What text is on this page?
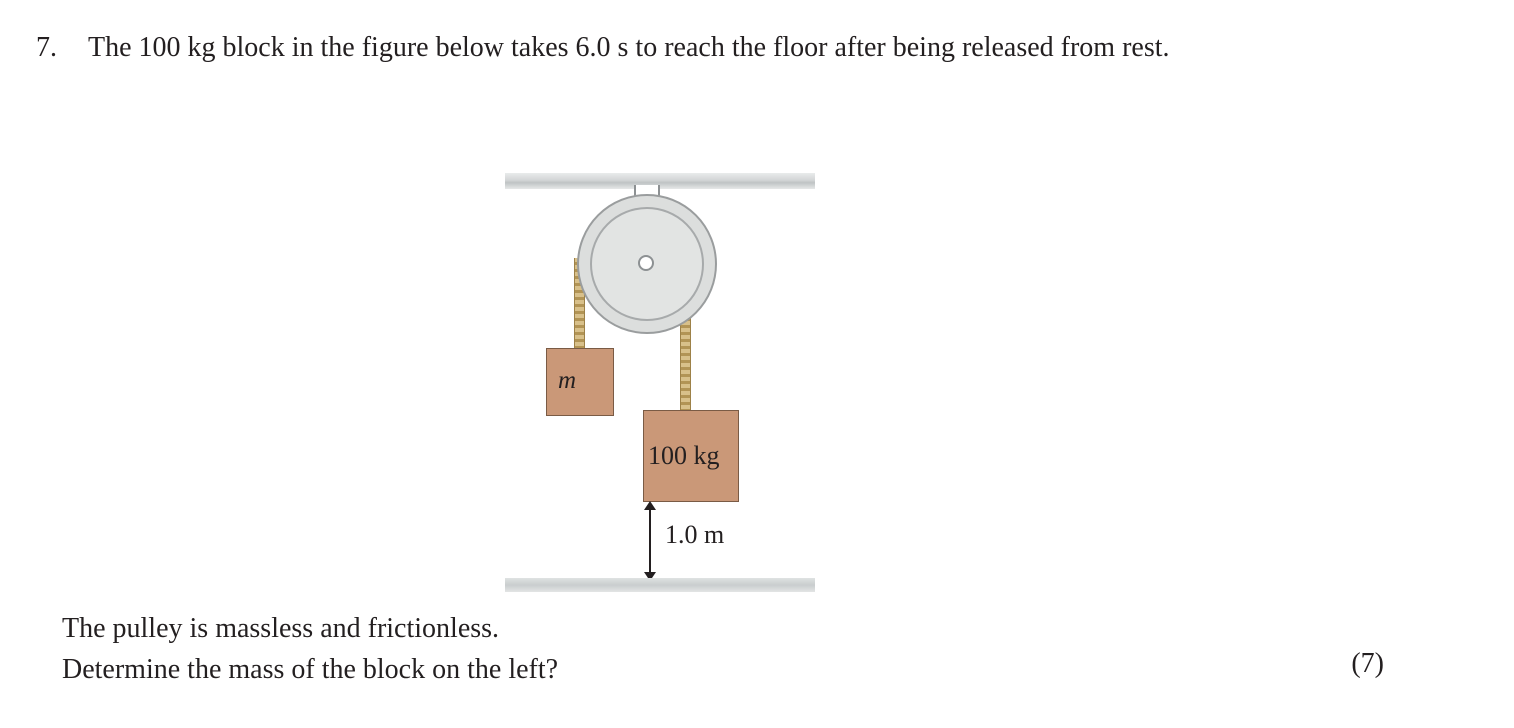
7.	The 100 kg block in the figure below takes 6.0 s to reach the floor after being released from rest.
m
100 kg
1.0 m
The pulley is massless and frictionless.
Determine the mass of the block on the left?	(7)
